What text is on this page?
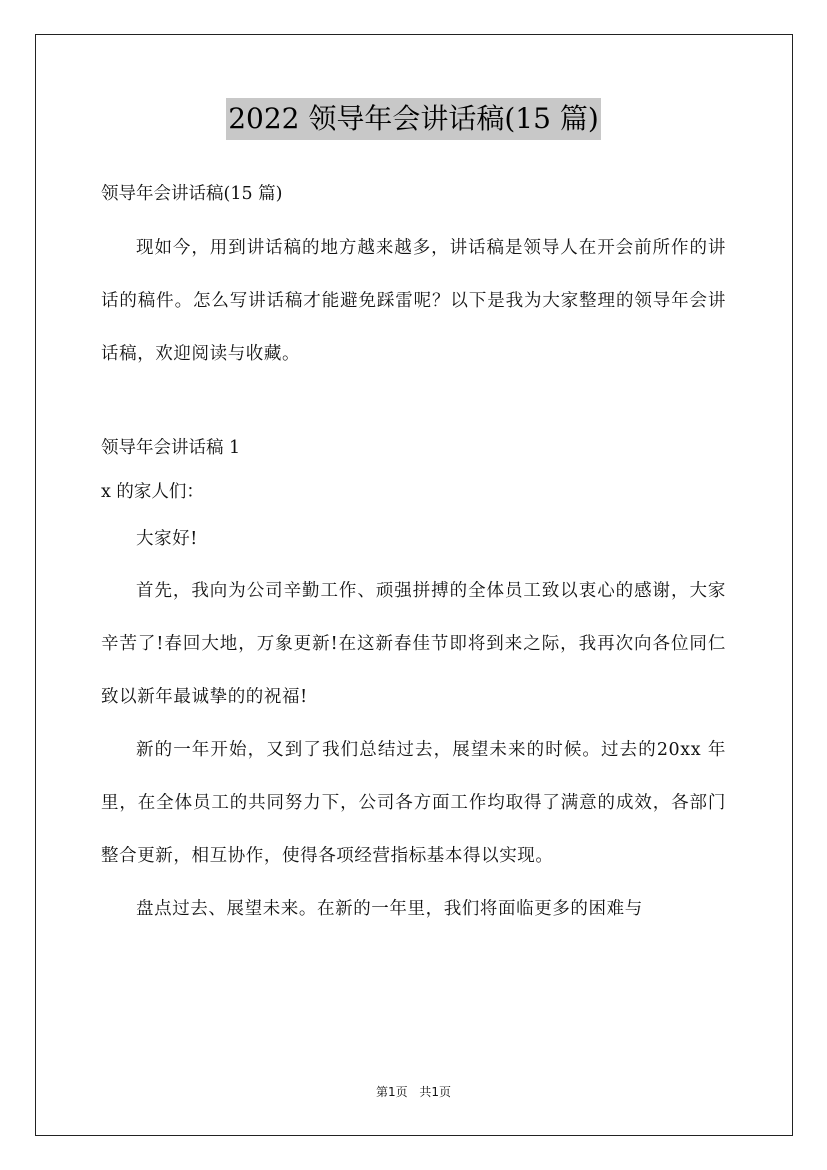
2022 领导年会讲话稿(15 篇)

领导年会讲话稿(15 篇)

现如今，用到讲话稿的地方越来越多，讲话稿是领导人在开会前所作的讲话的稿件。怎么写讲话稿才能避免踩雷呢？以下是我为大家整理的领导年会讲话稿，欢迎阅读与收藏。

领导年会讲话稿 1

x 的家人们：

大家好!

首先，我向为公司辛勤工作、顽强拼搏的全体员工致以衷心的感谢，大家辛苦了!春回大地，万象更新!在这新春佳节即将到来之际，我再次向各位同仁致以新年最诚挚的的祝福!

新的一年开始，又到了我们总结过去，展望未来的时候。过去的20xx 年里，在全体员工的共同努力下，公司各方面工作均取得了满意的成效，各部门整合更新，相互协作，使得各项经营指标基本得以实现。

盘点过去、展望未来。在新的一年里，我们将面临更多的困难与

第1页 共1页
